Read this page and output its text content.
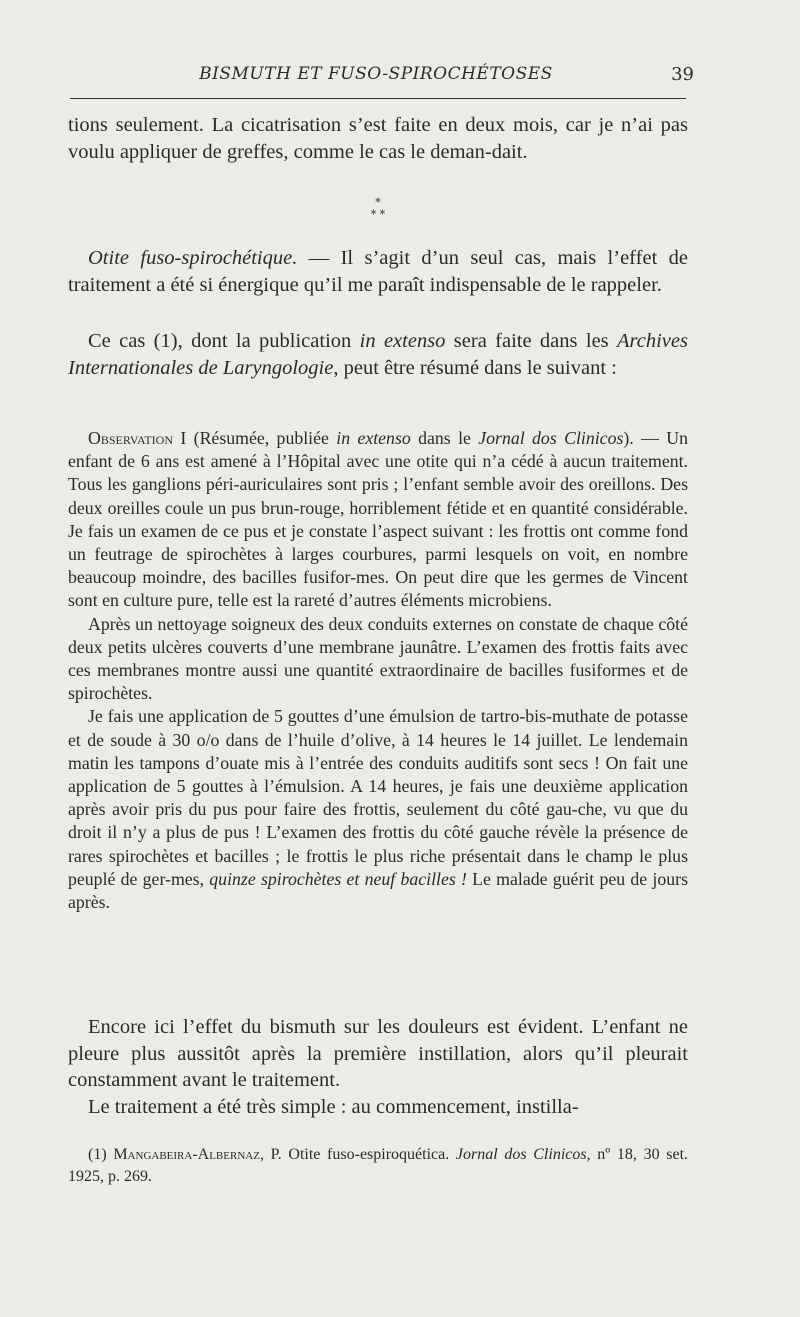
BISMUTH ET FUSO-SPIROCHÉTOSES	39

tions seulement. La cicatrisation s’est faite en deux mois, car je n’ai pas voulu appliquer de greffes, comme le cas le deman-dait.

*
* *

Otite fuso-spirochétique. — Il s’agit d’un seul cas, mais l’effet de traitement a été si énergique qu’il me paraît indispensable de le rappeler.

Ce cas (1), dont la publication in extenso sera faite dans les Archives Internationales de Laryngologie, peut être résumé dans le suivant :

Observation I (Résumée, publiée in extenso dans le Jornal dos Clinicos). — Un enfant de 6 ans est amené à l’Hôpital avec une otite qui n’a cédé à aucun traitement. Tous les ganglions péri-auriculaires sont pris ; l’enfant semble avoir des oreillons. Des deux oreilles coule un pus brun-rouge, horriblement fétide et en quantité considérable. Je fais un examen de ce pus et je constate l’aspect suivant : les frottis ont comme fond un feutrage de spirochètes à larges courbures, parmi lesquels on voit, en nombre beaucoup moindre, des bacilles fusifor-mes. On peut dire que les germes de Vincent sont en culture pure, telle est la rareté d’autres éléments microbiens.

Après un nettoyage soigneux des deux conduits externes on constate de chaque côté deux petits ulcères couverts d’une membrane jaunâtre. L’examen des frottis faits avec ces membranes montre aussi une quantité extraordinaire de bacilles fusiformes et de spirochètes.

Je fais une application de 5 gouttes d’une émulsion de tartro-bis-muthate de potasse et de soude à 30 o/o dans de l’huile d’olive, à 14 heures le 14 juillet. Le lendemain matin les tampons d’ouate mis à l’entrée des conduits auditifs sont secs ! On fait une application de 5 gouttes à l’émulsion. A 14 heures, je fais une deuxième application après avoir pris du pus pour faire des frottis, seulement du côté gau-che, vu que du droit il n’y a plus de pus ! L’examen des frottis du côté gauche révèle la présence de rares spirochètes et bacilles ; le frottis le plus riche présentait dans le champ le plus peuplé de ger-mes, quinze spirochètes et neuf bacilles ! Le malade guérit peu de jours après.

Encore ici l’effet du bismuth sur les douleurs est évident. L’enfant ne pleure plus aussitôt après la première instillation, alors qu’il pleurait constamment avant le traitement.

Le traitement a été très simple : au commencement, instilla-

(1) Mangabeira-Albernaz, P. Otite fuso-espiroquética. Jornal dos Clinicos, nº 18, 30 set. 1925, p. 269.
